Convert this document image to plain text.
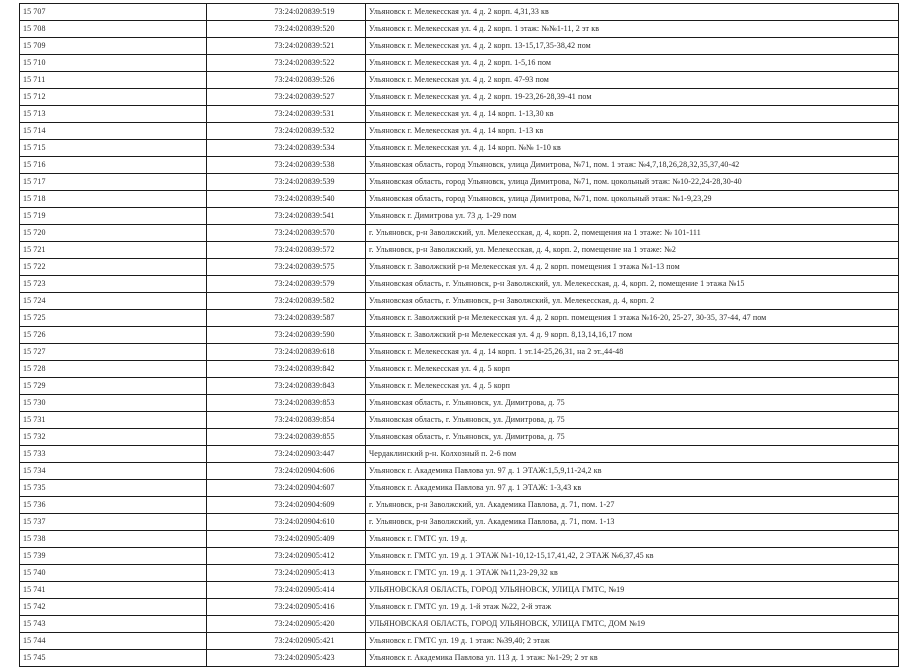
15 707	73:24:020839:519	Ульяновск г. Мелекесская ул. 4 д. 2 корп. 4,31,33 кв
15 708	73:24:020839:520	Ульяновск г. Мелекесская ул. 4 д. 2 корп. 1 этаж: №№1-11, 2 эт кв
15 709	73:24:020839:521	Ульяновск г. Мелекесская ул. 4 д. 2 корп. 13-15,17,35-38,42 пом
15 710	73:24:020839:522	Ульяновск г. Мелекесская ул. 4 д. 2 корп. 1-5,16 пом
15 711	73:24:020839:526	Ульяновск г. Мелекесская ул. 4 д. 2 корп. 47-93 пом
15 712	73:24:020839:527	Ульяновск г. Мелекесская ул. 4 д. 2 корп. 19-23,26-28,39-41 пом
15 713	73:24:020839:531	Ульяновск г. Мелекесская ул. 4 д. 14 корп. 1-13,30 кв
15 714	73:24:020839:532	Ульяновск г. Мелекесская ул. 4 д. 14 корп. 1-13 кв
15 715	73:24:020839:534	Ульяновск г. Мелекесская ул. 4 д. 14 корп. №№ 1-10 кв
15 716	73:24:020839:538	Ульяновская область, город Ульяновск, улица Димитрова, №71, пом. 1 этаж: №4,7,18,26,28,32,35,37,40-42
15 717	73:24:020839:539	Ульяновская область, город Ульяновск, улица Димитрова, №71, пом. цокольный этаж: №10-22,24-28,30-40
15 718	73:24:020839:540	Ульяновская область, город Ульяновск, улица Димитрова, №71, пом. цокольный этаж: №1-9,23,29
15 719	73:24:020839:541	Ульяновск г. Димитрова ул. 73 д. 1-29 пом
15 720	73:24:020839:570	г. Ульяновск, р-н Заволжский, ул. Мелекесская, д. 4, корп. 2, помещения на 1 этаже: № 101-111
15 721	73:24:020839:572	г. Ульяновск, р-н Заволжский, ул. Мелекесская, д. 4, корп. 2, помещение на 1 этаже: №2
15 722	73:24:020839:575	Ульяновск г. Заволжский р-н Мелекесская ул. 4 д. 2 корп. помещения 1 этажа №1-13 пом
15 723	73:24:020839:579	Ульяновская область, г. Ульяновск, р-н Заволжский, ул. Мелекесская, д. 4, корп. 2, помещение 1 этажа №15
15 724	73:24:020839:582	Ульяновская область, г. Ульяновск, р-н Заволжский, ул. Мелекесская, д. 4, корп. 2
15 725	73:24:020839:587	Ульяновск г. Заволжский р-н Мелекесская ул. 4 д. 2 корп. помещения 1 этажа №16-20, 25-27, 30-35, 37-44, 47 пом
15 726	73:24:020839:590	Ульяновск г. Заволжский р-н Мелекесская ул. 4 д. 9 корп. 8,13,14,16,17 пом
15 727	73:24:020839:618	Ульяновск г. Мелекесская ул. 4 д. 14 корп. 1 эт.14-25,26,31, на 2 эт.,44-48
15 728	73:24:020839:842	Ульяновск г. Мелекесская ул. 4 д. 5 корп
15 729	73:24:020839:843	Ульяновск г. Мелекесская ул. 4 д. 5 корп
15 730	73:24:020839:853	Ульяновская область, г. Ульяновск, ул. Димитрова, д. 75
15 731	73:24:020839:854	Ульяновская область, г. Ульяновск, ул. Димитрова, д. 75
15 732	73:24:020839:855	Ульяновская область, г. Ульяновск, ул. Димитрова, д. 75
15 733	73:24:020903:447	Чердаклинский р-н. Колхозный п. 2-6 пом
15 734	73:24:020904:606	Ульяновск г. Академика Павлова ул. 97 д. 1 ЭТАЖ:1,5,9,11-24,2 кв
15 735	73:24:020904:607	Ульяновск г. Академика Павлова ул. 97 д. 1 ЭТАЖ: 1-3,43 кв
15 736	73:24:020904:609	г. Ульяновск, р-н Заволжский, ул. Академика Павлова, д. 71, пом. 1-27
15 737	73:24:020904:610	г. Ульяновск, р-н Заволжский, ул. Академика Павлова, д. 71, пом. 1-13
15 738	73:24:020905:409	Ульяновск г. ГМТС ул. 19 д.
15 739	73:24:020905:412	Ульяновск г. ГМТС ул. 19 д. 1 ЭТАЖ №1-10,12-15,17,41,42, 2 ЭТАЖ №6,37,45 кв
15 740	73:24:020905:413	Ульяновск г. ГМТС ул. 19 д. 1 ЭТАЖ №11,23-29,32 кв
15 741	73:24:020905:414	УЛЬЯНОВСКАЯ ОБЛАСТЬ, ГОРОД УЛЬЯНОВСК, УЛИЦА ГМТС, №19
15 742	73:24:020905:416	Ульяновск г. ГМТС ул. 19 д. 1-й этаж №22, 2-й этаж
15 743	73:24:020905:420	УЛЬЯНОВСКАЯ ОБЛАСТЬ, ГОРОД УЛЬЯНОВСК, УЛИЦА ГМТС, ДОМ №19
15 744	73:24:020905:421	Ульяновск г. ГМТС ул. 19 д. 1 этаж: №39,40; 2 этаж
15 745	73:24:020905:423	Ульяновск г. Академика Павлова ул. 113 д. 1 этаж: №1-29; 2 эт кв
